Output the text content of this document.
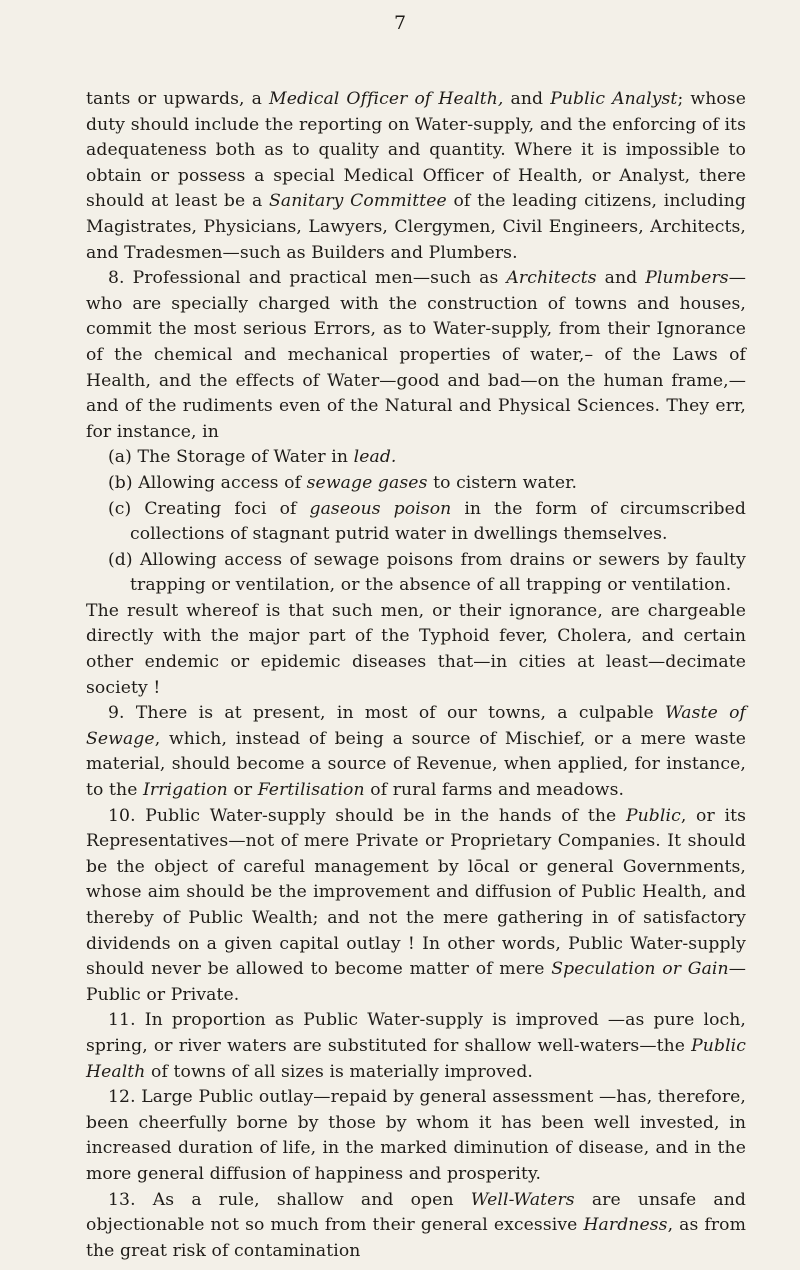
7

tants or upwards, a Medical Officer of Health, and Public Analyst; whose duty should include the reporting on Water-supply, and the enforcing of its adequateness both as to quality and quantity. Where it is impossible to obtain or possess a special Medical Officer of Health, or Analyst, there should at least be a Sanitary Committee of the leading citizens, including Magistrates, Physicians, Lawyers, Clergymen, Civil Engineers, Architects, and Tradesmen—such as Builders and Plumbers.

8. Professional and practical men—such as Architects and Plumbers—who are specially charged with the construction of towns and houses, commit the most serious Errors, as to Water-supply, from their Ignorance of the chemical and mechanical properties of water,– of the Laws of Health, and the effects of Water—good and bad—on the human frame,—and of the rudiments even of the Natural and Physical Sciences. They err, for instance, in

(a) The Storage of Water in lead.

(b) Allowing access of sewage gases to cistern water.

(c) Creating foci of gaseous poison in the form of circumscribed collections of stagnant putrid water in dwellings themselves.

(d) Allowing access of sewage poisons from drains or sewers by faulty trapping or ventilation, or the absence of all trapping or ventilation.

The result whereof is that such men, or their ignorance, are chargeable directly with the major part of the Typhoid fever, Cholera, and certain other endemic or epidemic diseases that—in cities at least—decimate society !

9. There is at present, in most of our towns, a culpable Waste of Sewage, which, instead of being a source of Mischief, or a mere waste material, should become a source of Revenue, when applied, for instance, to the Irrigation or Fertilisation of rural farms and meadows.

10. Public Water-supply should be in the hands of the Public, or its Representatives—not of mere Private or Proprietary Companies. It should be the object of careful management by lōcal or general Governments, whose aim should be the improvement and diffusion of Public Health, and thereby of Public Wealth; and not the mere gathering in of satisfactory dividends on a given capital outlay ! In other words, Public Water-supply should never be allowed to become matter of mere Speculation or Gain—Public or Private.

11. In proportion as Public Water-supply is improved —as pure loch, spring, or river waters are substituted for shallow well-waters—the Public Health of towns of all sizes is materially improved.

12. Large Public outlay—repaid by general assessment —has, therefore, been cheerfully borne by those by whom it has been well invested, in increased duration of life, in the marked diminution of disease, and in the more general diffusion of happiness and prosperity.

13. As a rule, shallow and open Well-Waters are unsafe and objectionable not so much from their general excessive Hardness, as from the great risk of contamination
